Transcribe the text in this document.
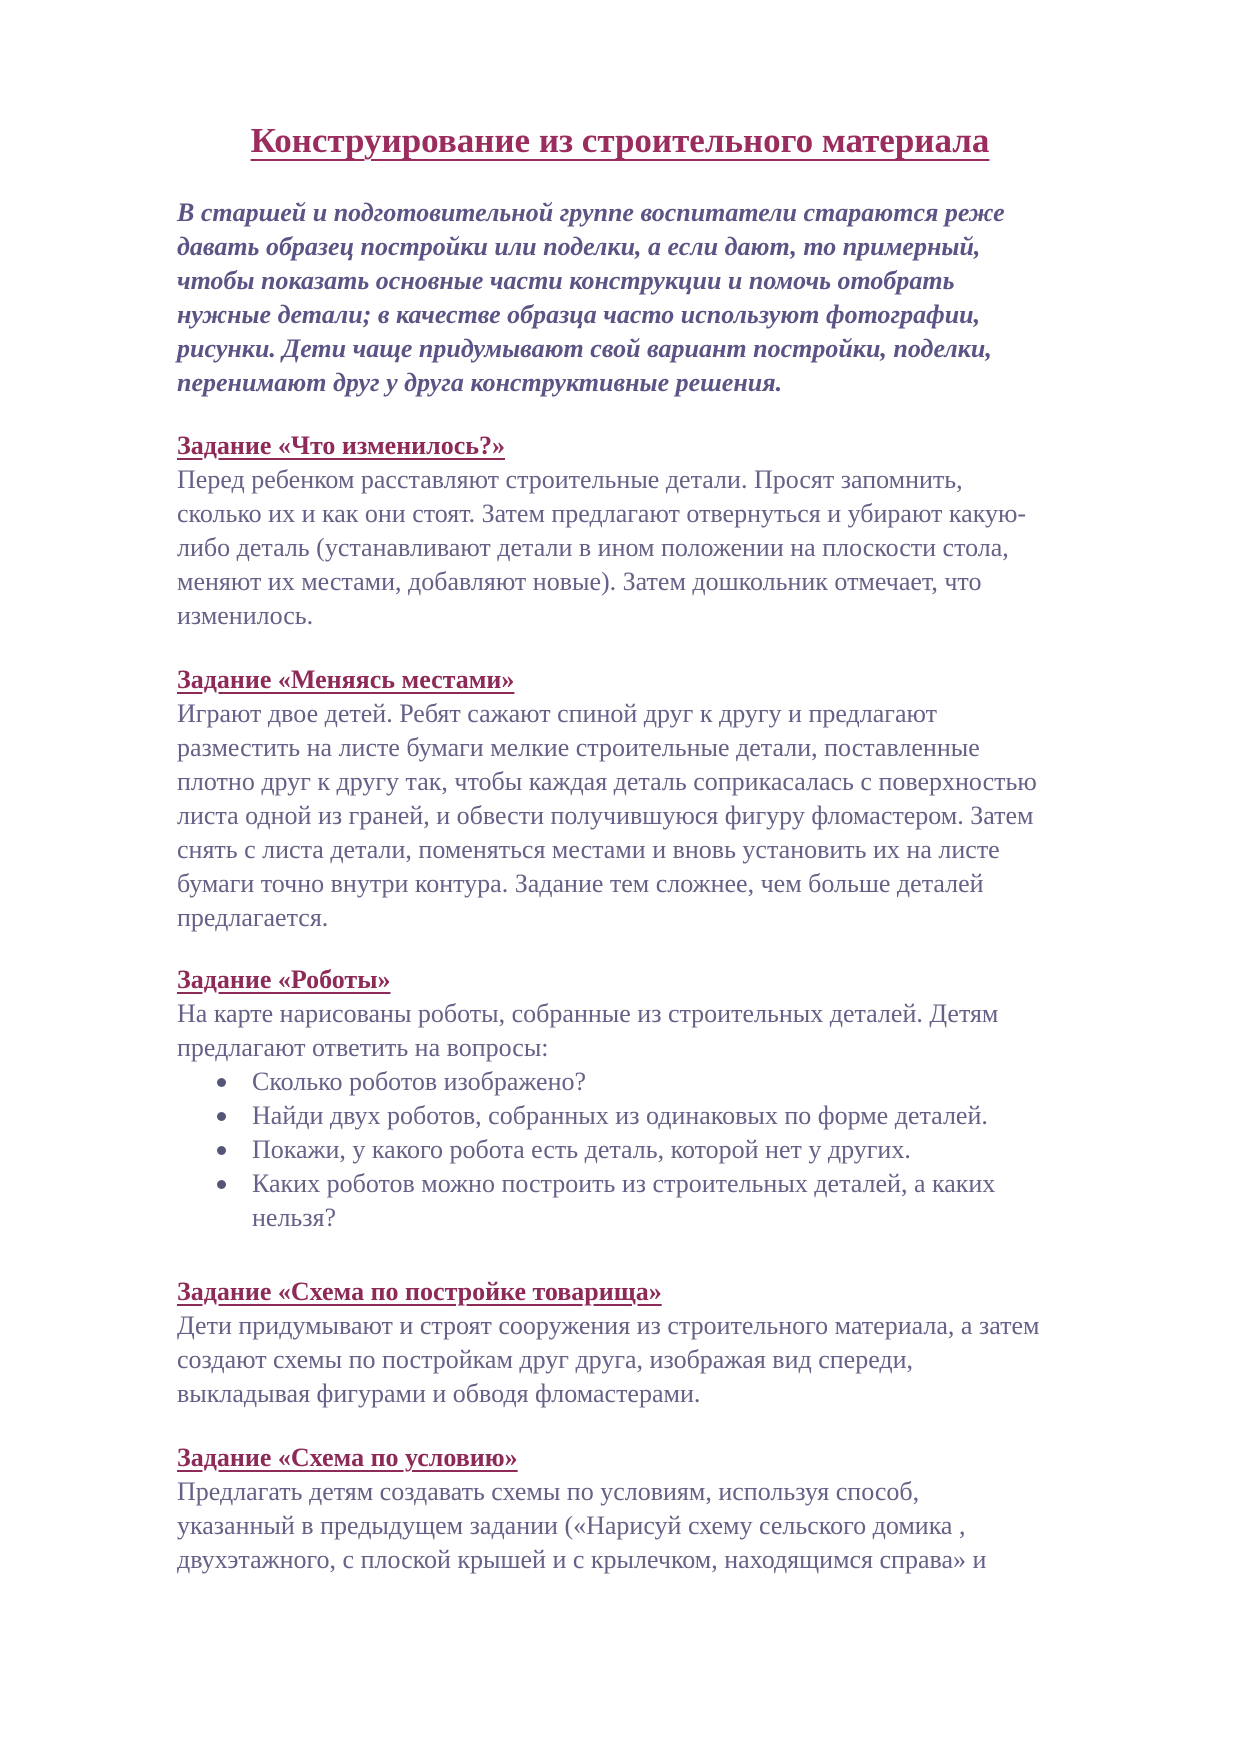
Конструирование из строительного материала

В старшей и подготовительной группе воспитатели стараются реже
давать образец постройки или поделки, а если дают, то примерный,
чтобы показать основные части конструкции и помочь отобрать
нужные детали; в качестве образца часто используют фотографии,
рисунки. Дети чаще придумывают свой вариант постройки, поделки,
перенимают друг у друга конструктивные решения.

Задание «Что изменилось?»

Перед ребенком расставляют строительные детали. Просят запомнить,
сколько их и как они стоят. Затем предлагают отвернуться и убирают какую-
либо деталь (устанавливают детали в ином положении на плоскости стола,
меняют их местами, добавляют новые). Затем дошкольник отмечает, что
изменилось.

Задание «Меняясь местами»

Играют двое детей. Ребят сажают спиной друг к другу и предлагают
разместить на листе бумаги мелкие строительные детали, поставленные
плотно друг к другу так, чтобы каждая деталь соприкасалась с поверхностью
листа одной из граней, и обвести получившуюся фигуру фломастером. Затем
снять с листа детали, поменяться местами и вновь установить их на листе
бумаги точно внутри контура. Задание тем сложнее, чем больше деталей
предлагается.

Задание «Роботы»

На карте нарисованы роботы, собранные из строительных деталей. Детям
предлагают ответить на вопросы:

Сколько роботов изображено?
Найди двух роботов, собранных из одинаковых по форме деталей.
Покажи, у какого робота есть деталь, которой нет у других.
Каких роботов можно построить из строительных деталей, а каких
нельзя?
Задание «Схема по постройке товарища»

Дети придумывают и строят сооружения из строительного материала, а затем
создают схемы по постройкам друг друга, изображая вид спереди,
выкладывая фигурами и обводя фломастерами.

Задание «Схема по условию»

Предлагать детям создавать схемы по условиям, используя способ,
указанный в предыдущем задании («Нарисуй схему сельского домика ,
двухэтажного, с плоской крышей и с крылечком, находящимся справа» и
